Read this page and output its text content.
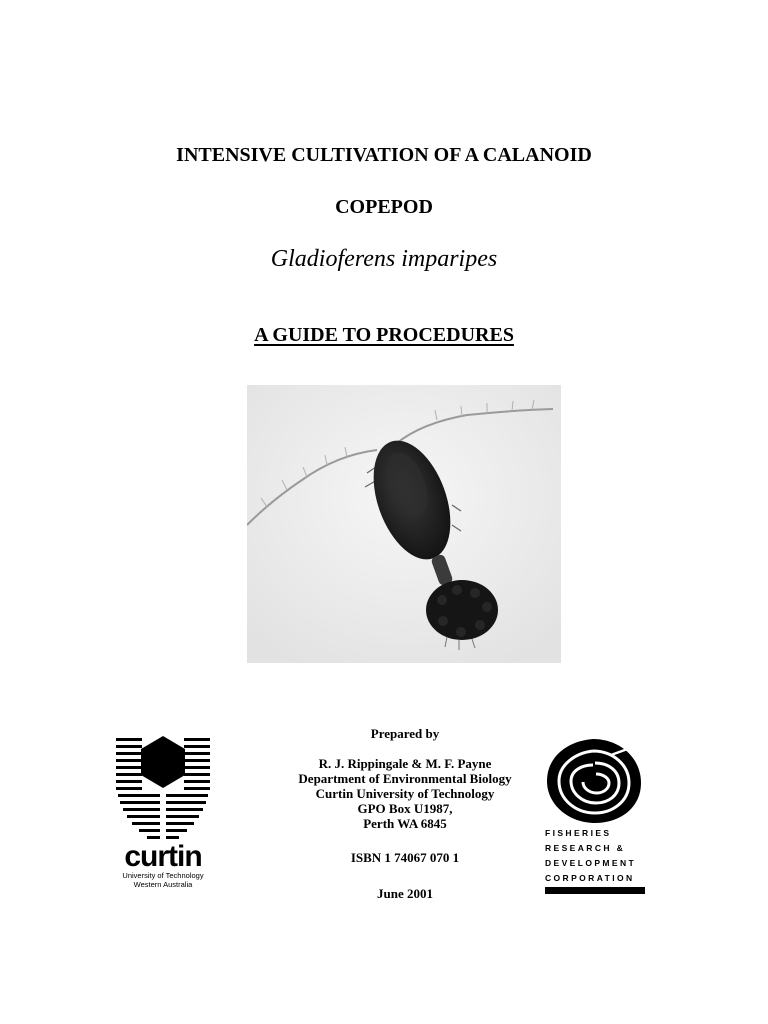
INTENSIVE CULTIVATION OF A CALANOID
COPEPOD
Gladioferens imparipes
A GUIDE TO PROCEDURES
curtin
University of Technology
Western Australia
Prepared by
R. J. Rippingale & M. F. Payne
Department of Environmental Biology
Curtin University of Technology
GPO Box U1987,
Perth WA 6845
ISBN 1 74067 070 1
June 2001
FISHERIES
RESEARCH &
DEVELOPMENT
CORPORATION
